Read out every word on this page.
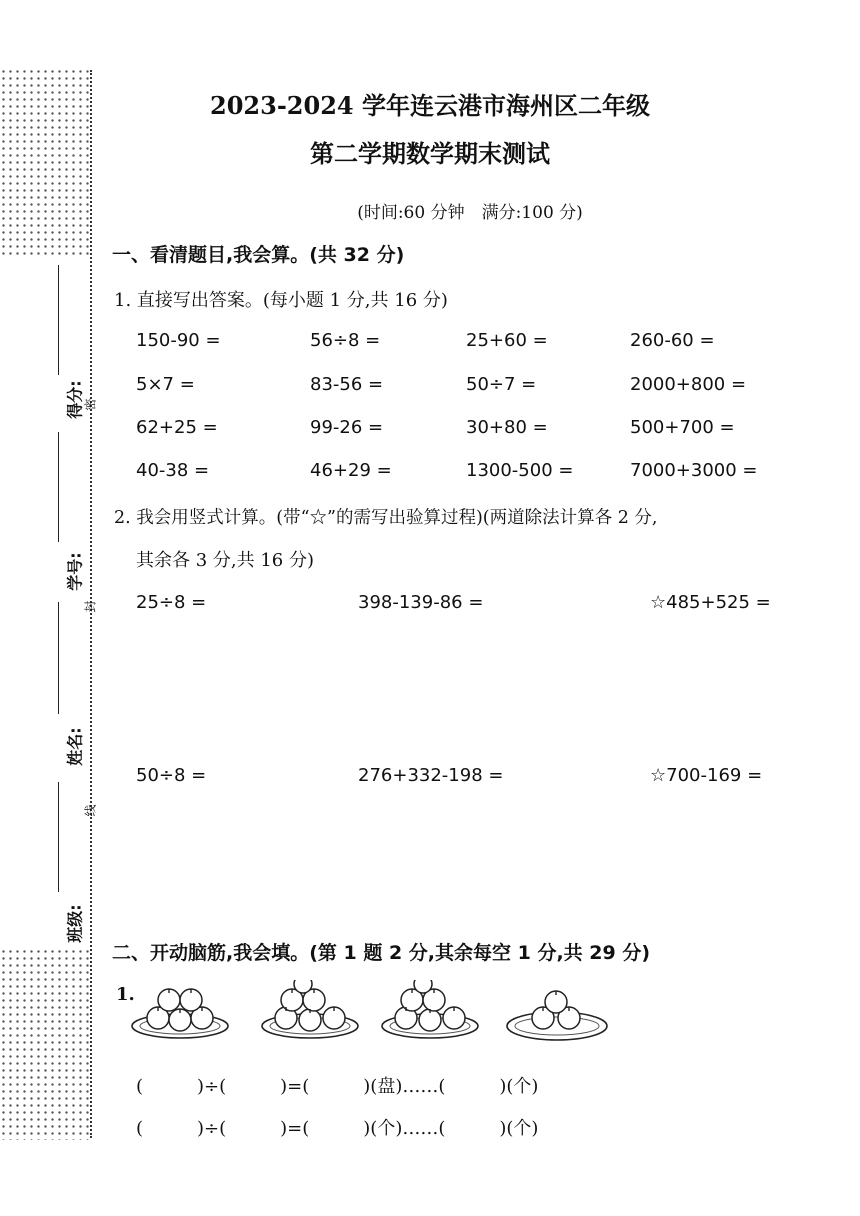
得分:
学号:
姓名:
班级:
密
封
线
2023-2024 学年连云港市海州区二年级
第二学期数学期末测试
(时间:60 分钟　满分:100 分)
一、看清题目,我会算。(共 32 分)
1. 直接写出答案。(每小题 1 分,共 16 分)
150-90 =	56÷8 =	25+60 =	260-60 =
5×7 =	83-56 =	50÷7 =	2000+800 =
62+25 =	99-26 =	30+80 =	500+700 =
40-38 =	46+29 =	1300-500 =	7000+3000 =
2. 我会用竖式计算。(带“☆”的需写出验算过程)(两道除法计算各 2 分,
其余各 3 分,共 16 分)
25÷8 =	398-139-86 =	☆485+525 =
50÷8 =	276+332-198 =	☆700-169 =
二、开动脑筋,我会填。(第 1 题 2 分,其余每空 1 分,共 29 分)
1.
(　　　)÷(　　　)=(　　　)(盘)……(　　　)(个)
(　　　)÷(　　　)=(　　　)(个)……(　　　)(个)
